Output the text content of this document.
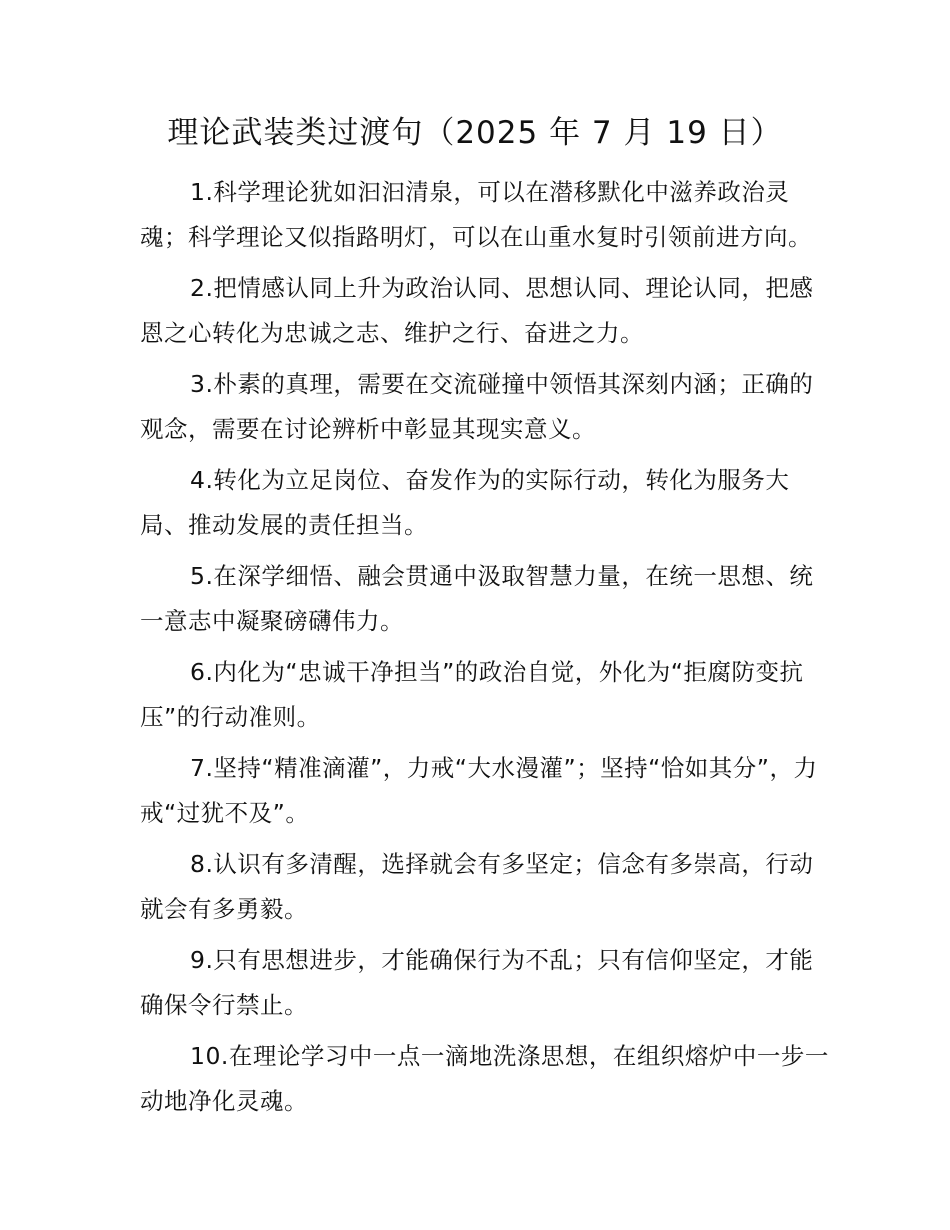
理论武装类过渡句（2025 年 7 月 19 日）

1.科学理论犹如汩汩清泉，可以在潜移默化中滋养政治灵魂；科学理论又似指路明灯，可以在山重水复时引领前进方向。

2.把情感认同上升为政治认同、思想认同、理论认同，把感恩之心转化为忠诚之志、维护之行、奋进之力。

3.朴素的真理，需要在交流碰撞中领悟其深刻内涵；正确的观念，需要在讨论辨析中彰显其现实意义。

4.转化为立足岗位、奋发作为的实际行动，转化为服务大局、推动发展的责任担当。

5.在深学细悟、融会贯通中汲取智慧力量，在统一思想、统一意志中凝聚磅礴伟力。

6.内化为“忠诚干净担当”的政治自觉，外化为“拒腐防变抗压”的行动准则。

7.坚持“精准滴灌”，力戒“大水漫灌”；坚持“恰如其分”，力戒“过犹不及”。

8.认识有多清醒，选择就会有多坚定；信念有多崇高，行动就会有多勇毅。

9.只有思想进步，才能确保行为不乱；只有信仰坚定，才能确保令行禁止。

10.在理论学习中一点一滴地洗涤思想，在组织熔炉中一步一动地净化灵魂。
